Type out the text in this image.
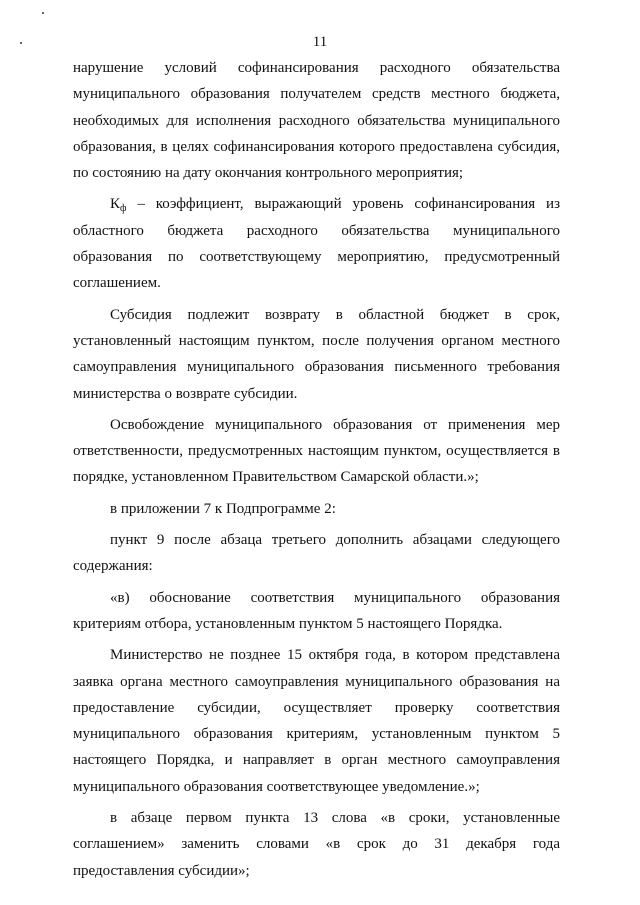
11

нарушение условий софинансирования расходного обязательства муниципального образования получателем средств местного бюджета, необходимых для исполнения расходного обязательства муниципального образования, в целях софинансирования которого предоставлена субсидия, по состоянию на дату окончания контрольного мероприятия;

$К_ф$ – коэффициент, выражающий уровень софинансирования из областного бюджета расходного обязательства муниципального образования по соответствующему мероприятию, предусмотренный соглашением.

Субсидия подлежит возврату в областной бюджет в срок, установленный настоящим пунктом, после получения органом местного самоуправления муниципального образования письменного требования министерства о возврате субсидии.

Освобождение муниципального образования от применения мер ответственности, предусмотренных настоящим пунктом, осуществляется в порядке, установленном Правительством Самарской области.»;

в приложении 7 к Подпрограмме 2:

пункт 9 после абзаца третьего дополнить абзацами следующего содержания:

«в) обоснование соответствия муниципального образования критериям отбора, установленным пунктом 5 настоящего Порядка.

Министерство не позднее 15 октября года, в котором представлена заявка органа местного самоуправления муниципального образования на предоставление субсидии, осуществляет проверку соответствия муниципального образования критериям, установленным пунктом 5 настоящего Порядка, и направляет в орган местного самоуправления муниципального образования соответствующее уведомление.»;

в абзаце первом пункта 13 слова «в сроки, установленные соглашением» заменить словами «в срок до 31 декабря года предоставления субсидии»;
